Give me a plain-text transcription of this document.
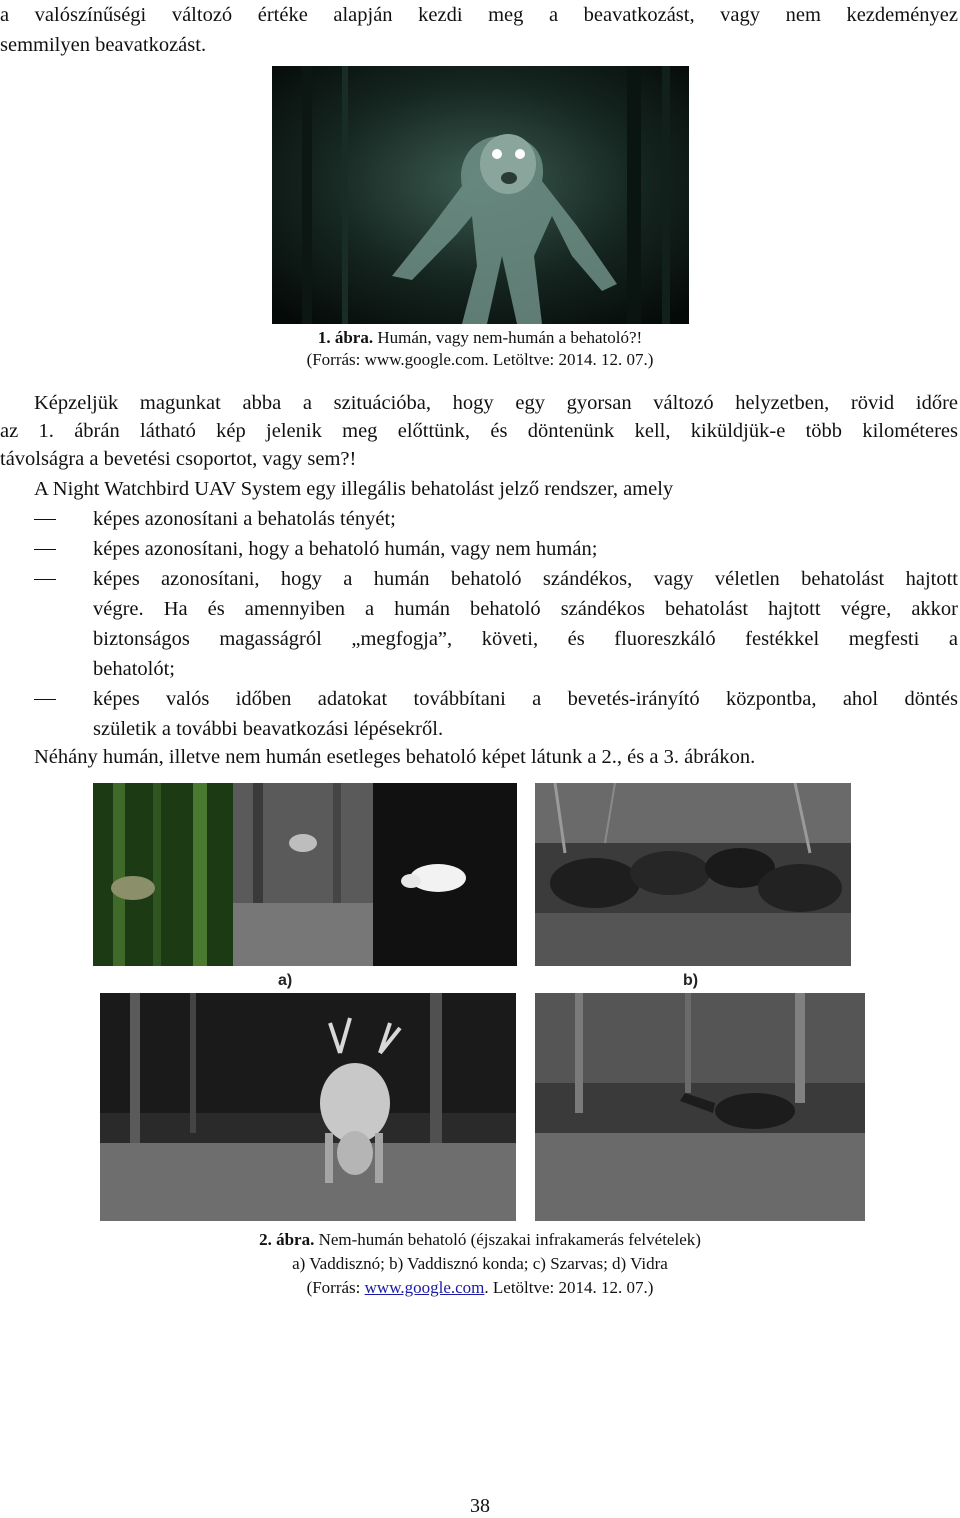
a valószínűségi változó értéke alapján kezdi meg a beavatkozást, vagy nem kezdeményez

semmilyen beavatkozást.

1. ábra. Humán, vagy nem-humán a behatoló?!

(Forrás: www.google.com. Letöltve: 2014. 12. 07.)

Képzeljük magunkat abba a szituációba, hogy egy gyorsan változó helyzetben, rövid időre

az 1. ábrán látható kép jelenik meg előttünk, és döntenünk kell, kiküldjük-e több kilométeres

távolságra a bevetési csoportot, vagy sem?!

A Night Watchbird UAV System egy illegális behatolást jelző rendszer, amely

képes azonosítani a behatolás tényét;

képes azonosítani, hogy a behatoló humán, vagy nem humán;

képes azonosítani, hogy a humán behatoló szándékos, vagy véletlen behatolást hajtott

végre. Ha és amennyiben a humán behatoló szándékos behatolást hajtott végre, akkor

biztonságos magasságról „megfogja”, követi, és fluoreszkáló festékkel megfesti a

behatolót;

képes valós időben adatokat továbbítani a bevetés-irányító központba, ahol döntés

születik a további beavatkozási lépésekről.

Néhány humán, illetve nem humán esetleges behatoló képet látunk a 2., és a 3. ábrákon.

a)	b)

2. ábra. Nem-humán behatoló (éjszakai infrakamerás felvételek)

a) Vaddisznó; b) Vaddisznó konda; c) Szarvas; d) Vidra

(Forrás: www.google.com. Letöltve: 2014. 12. 07.)

38
